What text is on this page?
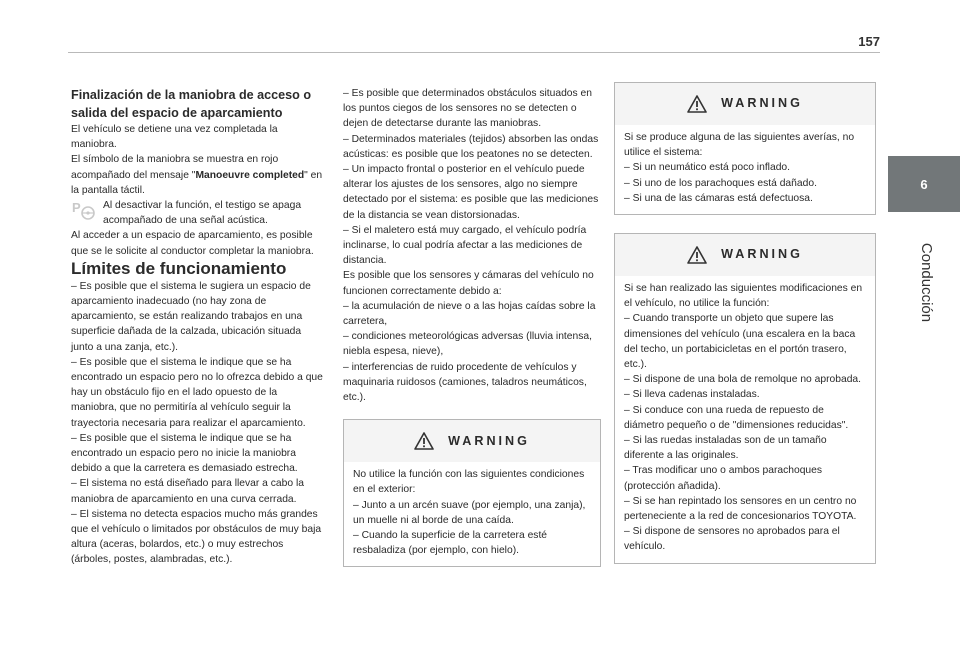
157
6
Conducción

Finalización de la maniobra de acceso o salida del espacio de aparcamiento

El vehículo se detiene una vez completada la maniobra.

El símbolo de la maniobra se muestra en rojo acompañado del mensaje "Manoeuvre completed" en la pantalla táctil.

P Al desactivar la función, el testigo se apaga acompañado de una señal acústica.

Al acceder a un espacio de aparcamiento, es posible que se le solicite al conductor completar la maniobra.

Límites de funcionamiento

– Es posible que el sistema le sugiera un espacio de aparcamiento inadecuado (no hay zona de aparcamiento, se están realizando trabajos en una superficie dañada de la calzada, ubicación situada junto a una zanja, etc.).

– Es posible que el sistema le indique que se ha encontrado un espacio pero no lo ofrezca debido a que hay un obstáculo fijo en el lado opuesto de la maniobra, que no permitiría al vehículo seguir la trayectoria necesaria para realizar el aparcamiento.

– Es posible que el sistema le indique que se ha encontrado un espacio pero no inicie la maniobra debido a que la carretera es demasiado estrecha.

– El sistema no está diseñado para llevar a cabo la maniobra de aparcamiento en una curva cerrada.

– El sistema no detecta espacios mucho más grandes que el vehículo o limitados por obstáculos de muy baja altura (aceras, bolardos, etc.) o muy estrechos (árboles, postes, alambradas, etc.).

– Es posible que determinados obstáculos situados en los puntos ciegos de los sensores no se detecten o dejen de detectarse durante las maniobras.

– Determinados materiales (tejidos) absorben las ondas acústicas: es posible que los peatones no se detecten.

– Un impacto frontal o posterior en el vehículo puede alterar los ajustes de los sensores, algo no siempre detectado por el sistema: es posible que las mediciones de la distancia se vean distorsionadas.

– Si el maletero está muy cargado, el vehículo podría inclinarse, lo cual podría afectar a las mediciones de distancia.

Es posible que los sensores y cámaras del vehículo no funcionen correctamente debido a:

– la acumulación de nieve o a las hojas caídas sobre la carretera,

– condiciones meteorológicas adversas (lluvia intensa, niebla espesa, nieve),

– interferencias de ruido procedente de vehículos y maquinaria ruidosos (camiones, taladros neumáticos, etc.).

WARNING

No utilice la función con las siguientes condiciones en el exterior:

– Junto a un arcén suave (por ejemplo, una zanja), un muelle ni al borde de una caída.

– Cuando la superficie de la carretera esté resbaladiza (por ejemplo, con hielo).

WARNING

Si se produce alguna de las siguientes averías, no utilice el sistema:

– Si un neumático está poco inflado.

– Si uno de los parachoques está dañado.

– Si una de las cámaras está defectuosa.

WARNING

Si se han realizado las siguientes modificaciones en el vehículo, no utilice la función:

– Cuando transporte un objeto que supere las dimensiones del vehículo (una escalera en la baca del techo, un portabicicletas en el portón trasero, etc.).

– Si dispone de una bola de remolque no aprobada.

– Si lleva cadenas instaladas.

– Si conduce con una rueda de repuesto de diámetro pequeño o de "dimensiones reducidas".

– Si las ruedas instaladas son de un tamaño diferente a las originales.

– Tras modificar uno o ambos parachoques (protección añadida).

– Si se han repintado los sensores en un centro no perteneciente a la red de concesionarios TOYOTA.

– Si dispone de sensores no aprobados para el vehículo.
